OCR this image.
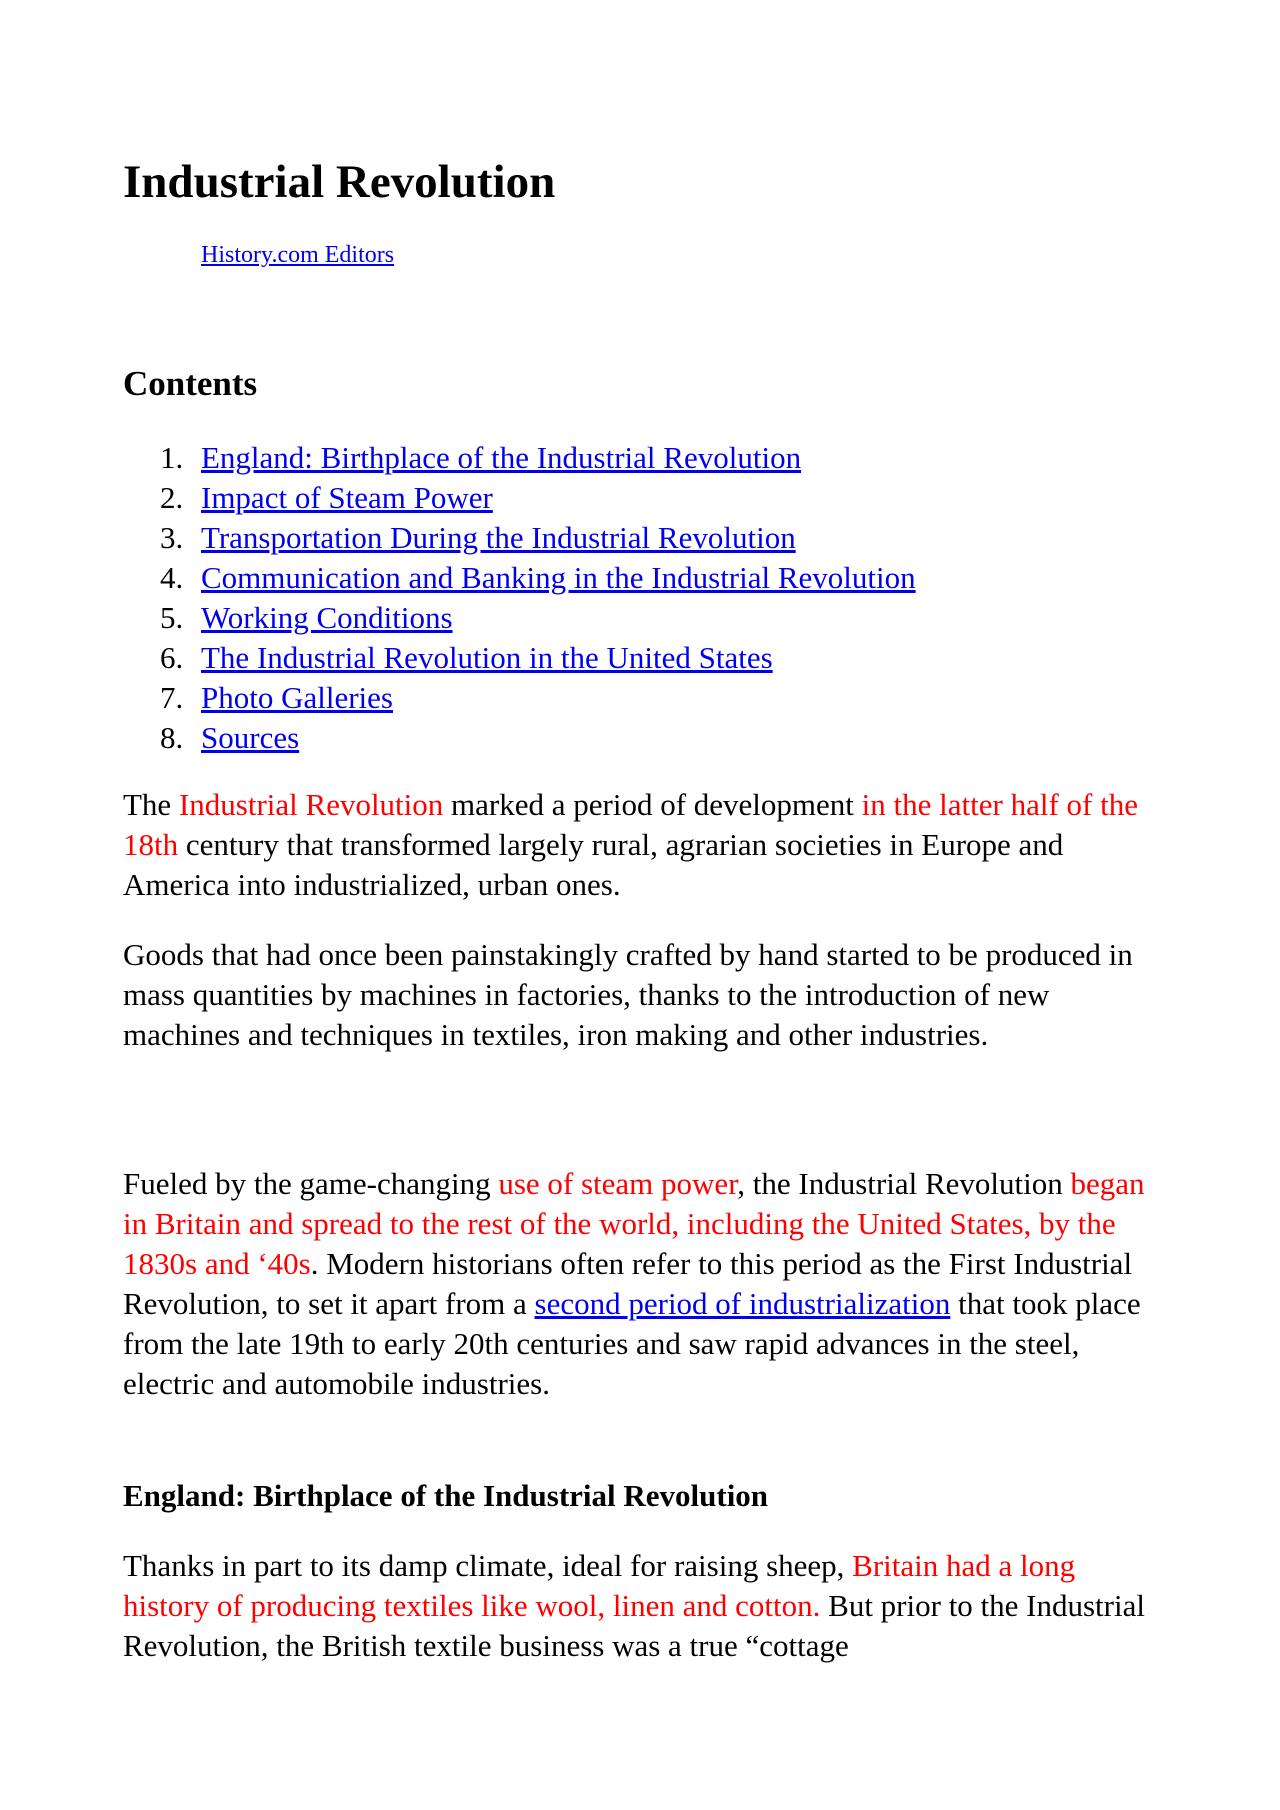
Industrial Revolution
History.com Editors
Contents
1. England: Birthplace of the Industrial Revolution
2. Impact of Steam Power
3. Transportation During the Industrial Revolution
4. Communication and Banking in the Industrial Revolution
5. Working Conditions
6. The Industrial Revolution in the United States
7. Photo Galleries
8. Sources

The Industrial Revolution marked a period of development in the latter half of the 18th century that transformed largely rural, agrarian societies in Europe and America into industrialized, urban ones.

Goods that had once been painstakingly crafted by hand started to be produced in mass quantities by machines in factories, thanks to the introduction of new machines and techniques in textiles, iron making and other industries.

Fueled by the game-changing use of steam power, the Industrial Revolution began in Britain and spread to the rest of the world, including the United States, by the 1830s and ‘40s. Modern historians often refer to this period as the First Industrial Revolution, to set it apart from a second period of industrialization that took place from the late 19th to early 20th centuries and saw rapid advances in the steel, electric and automobile industries.

England: Birthplace of the Industrial Revolution

Thanks in part to its damp climate, ideal for raising sheep, Britain had a long history of producing textiles like wool, linen and cotton. But prior to the Industrial Revolution, the British textile business was a true “cottage
